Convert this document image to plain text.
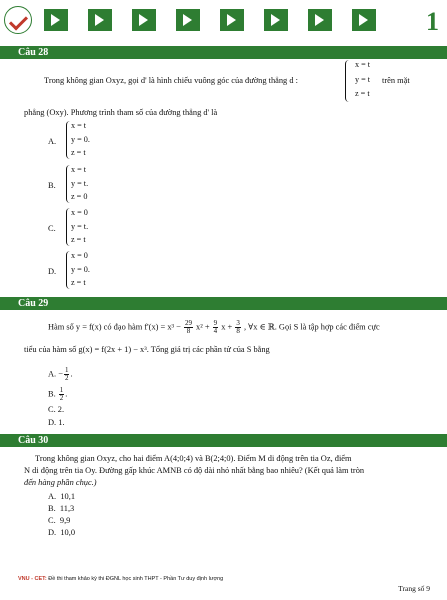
1
Câu 28
Trong không gian Oxyz, gọi d' là hình chiếu vuông góc của đường thẳng d :
x = t
y = t
z = t
trên mặt
phẳng (Oxy). Phương trình tham số của đường thẳng d' là
A.
x = t
y = 0.
z = t
B.
x = t
y = t.
z = 0
C.
x = 0
y = t.
z = t
D.
x = 0
y = 0.
z = t
Câu 29
Hàm số y = f(x) có đạo hàm $f'(x) = x^3 - \frac{29}{8} x^2 + \frac{9}{4}$ $x + \frac{3}{8}$ , ∀x ∈ ℝ. Gọi S là tập hợp các điểm cực
tiểu của hàm số g(x) = f(2x + 1) − x³. Tổng giá trị các phần tử của S bằng
A. − $\frac{1}{2}$ .
B. $\frac{1}{2}$ .
C. 2.
D. 1.
Câu 30
Trong không gian Oxyz, cho hai điểm A(4;0;4) và B(2;4;0). Điểm M di động trên tia Oz, điểm
N di động trên tia Oy. Đường gấp khúc AMNB có độ dài nhỏ nhất bằng bao nhiêu? (Kết quả làm tròn
đến hàng phần chục.)
A. 10,1
B. 11,3
C. 9,9
D. 10,0
VNU - CET: Đề thi tham khảo kỳ thi ĐGNL học sinh THPT - Phần Tư duy định lượng
Trang số 9
